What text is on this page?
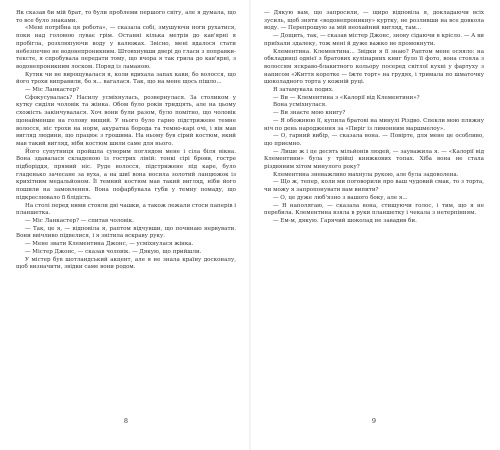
Як сказав би мій брат, то були проблеми першого світу, але я думала, що то все було знаками.

«Мені потрібна ця робота», — сказала собі, змушуючи ноги рухатися, поки над головою луває грім. Останні кілька метрів до кав'ярні я пробігла, розхлюпуючи воду у калюжах. Звісно, мені вдалося стати небезпечно не водонепроникним. Штовхнувши двері до гласи з поправки-тексте, я спробувала передати тому, що вчора я так грила до кав'ярні, з водонепроникним лоском. Поряд із ламаною.

Кутик чи не вирощувалася я, коли вдихала запах кави, бо волосся, що його трохи виправили, бо я... вагалася. Так, що на мене щось пішло...

— Міс Ланкастер?

Сфокусувалась? Насилу усміхнулась, розвернулася. За столиком у кутку сиділи чоловік та жінка. Обом було років тридцять, але на цьому схожість закінчувалася. Хоч вони були разом, було помітно, що чоловік щонайменше на голову вищий. У нього було гарно підстрижене темне волосся, ніс трохи на норм, акуратна борода та темно-карі очі, і він мав вигляд людини, що працює з грошима. На ньому був сірий костюм, який мав такий вигляд, ніби костюм шили саме для нього.

Його супутниця пройшла суворим поглядом мене і сіла біля вікна. Вона здавалася складеною із гострих ліній: тонкі сірі брови, гостре підборіддя, прямий ніс. Руде волосся, підстрижене під каре, було гладенько зачесане за вуха, а на шиї вона носила золотий ланцюжок із крихітним медальйоном. Її темний костюм мав такий вигляд, ніби його пошили на замовлення. Вона пофарбувала губи у темну помаду, що підкреслювало її блідість.

На столі перед ними стояли дві чашки, а також лежали стоси паперів і планшетка.

— Міс Ланкастер? — спитав чоловік.

— Так, це я, — відповіла я, раптом відчувши, що починаю нервувати. Вони ввічливо підвелися, і я знітила вскраву руку.

— Мене звати Клементина Джонс, — усміхнулася жінка.

— Містер Джонс, — сказав чоловік. — Дякую, що прийшли.

У містер був шотландський акцент, але я не знала країну досконалу, щоб визначити, звідки саме вони родом.

— Дякую вам, що запросили, — щиро відповіла я, докладаючи всіх зусиль, щоб зняти «водонепроникну» куртку, не розливши на все довкола воду. — Перепрошую за мій неохайний вигляд, там...

— Дощить, так, — сказав містер Джонс, знову сідаючи в крісло. — А ви приїхали здалеку, тож мені й дуже важко не промокнути.

Клементина. Клементина... Звідки я її знаю? Раптом мене осяяло: на обкладинці однієї з братових кулінарних книг було її фото, вона стояла з волоссям яскраво-блакитного кольору посеред світлої кухні у фартуху з написом «Життя коротке — їжте торт» на грудях, і трималa по шматочку шоколадного торта у кожній руці.

Я затамувала подих.

— Ви — Клементина з «Калорії від Клементини»?

Вона усміхнулася.

— Ви знаєте мою книгу?

— Я обожнюю її, купила братові на минулі Різдво. Спекли мою пляжну ніч по день народження за «Пиріг із лимонним маршмелоу».

— О, гарний вибір, — сказала вона. — Повірте, для мене це особливо, що приємно.

— Лише ж і це десять мільйонів людей, — зауважила я. — «Калорії від Клементини» була у трійці книжкових топах. Хіба вона не стала різдвяним хітом минулого року?

Клементина зневажливо махнула рукою, але була задоволена.

— Що ж, тепер, коли ми поговорили про ваш чудовий смак, то з торта, чи можу я запропонувати вам випити?

— О, це дуже люб'язно з вашого боку, але я...

— Я наполягаю, — сказала вона, стишуючи голос, і тим, що я не перебила. Клементина взяла в руки планшетку і чекала з нетерпінням.

— Ем-м, дякую. Гарячий шоколад не завадив би.

8	9
